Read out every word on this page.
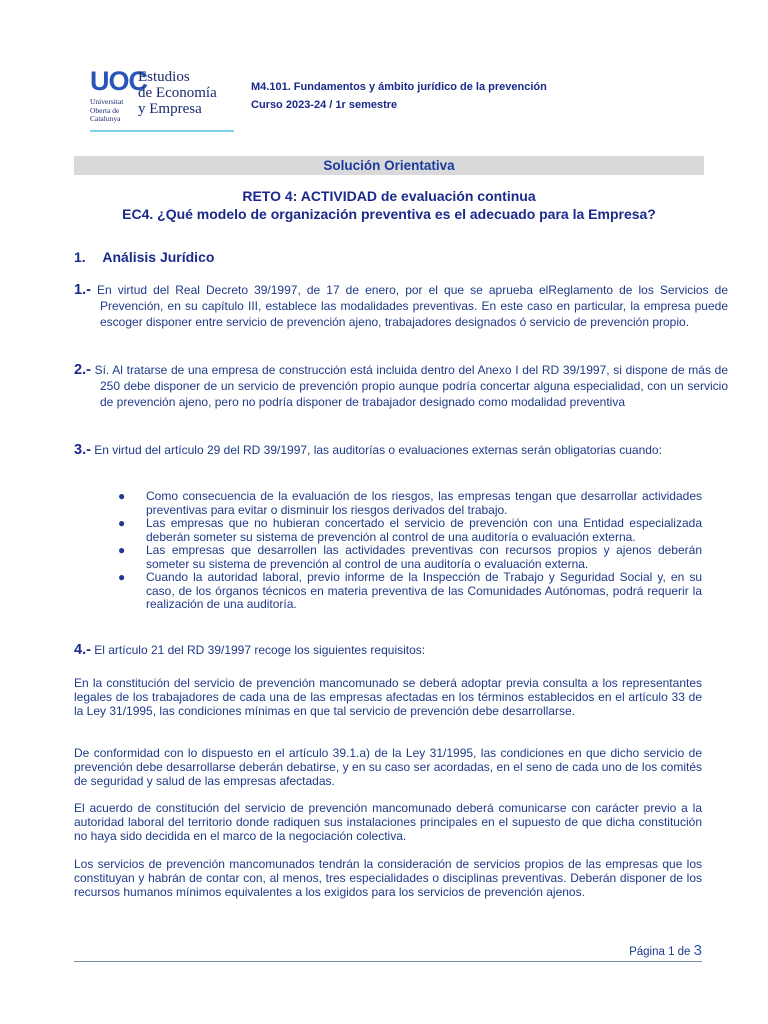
UOC
Universitat Oberta de Catalunya
Estudios
de Economía
y Empresa
M4.101. Fundamentos y ámbito jurídico de la prevención
Curso 2023-24 / 1r semestre
Solución Orientativa
RETO 4: ACTIVIDAD de evaluación continua
EC4. ¿Qué modelo de organización preventiva es el adecuado para la Empresa?
1. Análisis Jurídico
1.- En virtud del Real Decreto 39/1997, de 17 de enero, por el que se aprueba elReglamento de los Servicios de Prevención, en su capítulo III, establece las modalidades preventivas. En este caso en particular, la empresa puede escoger disponer entre servicio de prevención ajeno, trabajadores designados ó servicio de prevención propio.
2.- Sí. Al tratarse de una empresa de construcción está incluida dentro del Anexo I del RD 39/1997, si dispone de más de 250 debe disponer de un servicio de prevención propio aunque podría concertar alguna especialidad, con un servicio de prevención ajeno, pero no podría disponer de trabajador designado como modalidad preventiva
3.- En virtud del artículo 29 del RD 39/1997, las auditorías o evaluaciones externas serán obligatorias cuando:
● Como consecuencia de la evaluación de los riesgos, las empresas tengan que desarrollar actividades preventivas para evitar o disminuir los riesgos derivados del trabajo.
● Las empresas que no hubieran concertado el servicio de prevención con una Entidad especializada deberán someter su sistema de prevención al control de una auditoría o evaluación externa.
● Las empresas que desarrollen las actividades preventivas con recursos propios y ajenos deberán someter su sistema de prevención al control de una auditoría o evaluación externa.
● Cuando la autoridad laboral, previo informe de la Inspección de Trabajo y Seguridad Social y, en su caso, de los órganos técnicos en materia preventiva de las Comunidades Autónomas, podrá requerir la realización de una auditoría.
4.- El artículo 21 del RD 39/1997 recoge los siguientes requisitos:
En la constitución del servicio de prevención mancomunado se deberá adoptar previa consulta a los representantes legales de los trabajadores de cada una de las empresas afectadas en los términos establecidos en el artículo 33 de la Ley 31/1995, las condiciones mínimas en que tal servicio de prevención debe desarrollarse.
De conformidad con lo dispuesto en el artículo 39.1.a) de la Ley 31/1995, las condiciones en que dicho servicio de prevención debe desarrollarse deberán debatirse, y en su caso ser acordadas, en el seno de cada uno de los comités de seguridad y salud de las empresas afectadas.
El acuerdo de constitución del servicio de prevención mancomunado deberá comunicarse con carácter previo a la autoridad laboral del territorio donde radiquen sus instalaciones principales en el supuesto de que dicha constitución no haya sido decidida en el marco de la negociación colectiva.
Los servicios de prevención mancomunados tendrán la consideración de servicios propios de las empresas que los constituyan y habrán de contar con, al menos, tres especialidades o disciplinas preventivas. Deberán disponer de los recursos humanos mínimos equivalentes a los exigidos para los servicios de prevención ajenos.
Página 1 de 3
